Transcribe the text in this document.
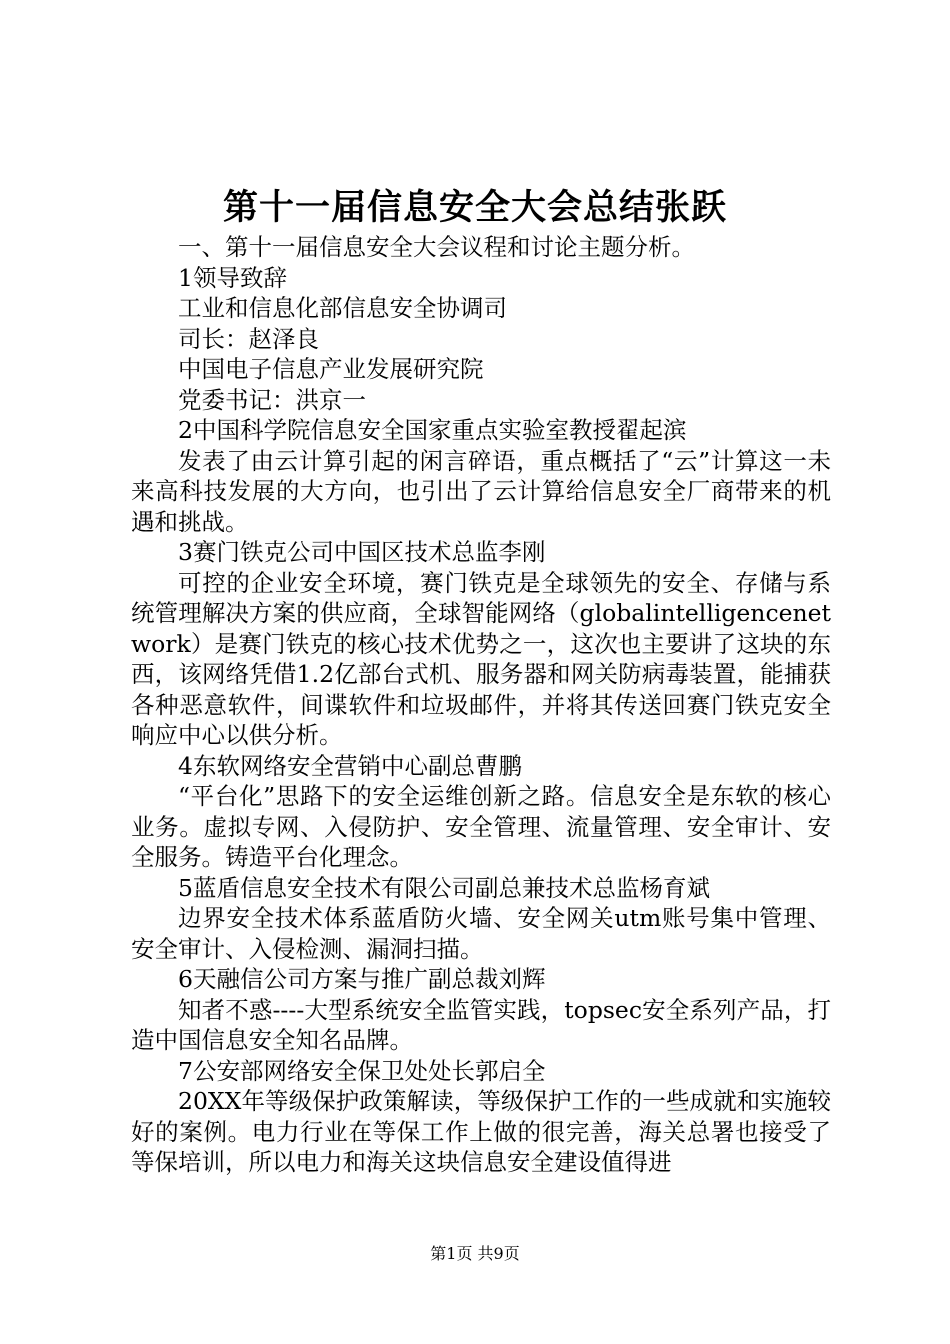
第十一届信息安全大会总结张跃

一、第十一届信息安全大会议程和讨论主题分析。

1领导致辞

工业和信息化部信息安全协调司

司长：赵泽良

中国电子信息产业发展研究院

党委书记：洪京一

2中国科学院信息安全国家重点实验室教授翟起滨

发表了由云计算引起的闲言碎语，重点概括了“云”计算这一未来高科技发展的大方向，也引出了云计算给信息安全厂商带来的机遇和挑战。

3赛门铁克公司中国区技术总监李刚

可控的企业安全环境，赛门铁克是全球领先的安全、存储与系统管理解决方案的供应商，全球智能网络（globalintelligencenetwork）是赛门铁克的核心技术优势之一，这次也主要讲了这块的东西，该网络凭借1.2亿部台式机、服务器和网关防病毒装置，能捕获各种恶意软件，间谍软件和垃圾邮件，并将其传送回赛门铁克安全响应中心以供分析。

4东软网络安全营销中心副总曹鹏

“平台化”思路下的安全运维创新之路。信息安全是东软的核心业务。虚拟专网、入侵防护、安全管理、流量管理、安全审计、安全服务。铸造平台化理念。

5蓝盾信息安全技术有限公司副总兼技术总监杨育斌

边界安全技术体系蓝盾防火墙、安全网关utm账号集中管理、安全审计、入侵检测、漏洞扫描。

6天融信公司方案与推广副总裁刘辉

知者不惑----大型系统安全监管实践，topsec安全系列产品，打造中国信息安全知名品牌。

7公安部网络安全保卫处处长郭启全

20XX年等级保护政策解读，等级保护工作的一些成就和实施较好的案例。电力行业在等保工作上做的很完善，海关总署也接受了等保培训，所以电力和海关这块信息安全建设值得进

第1页 共9页
